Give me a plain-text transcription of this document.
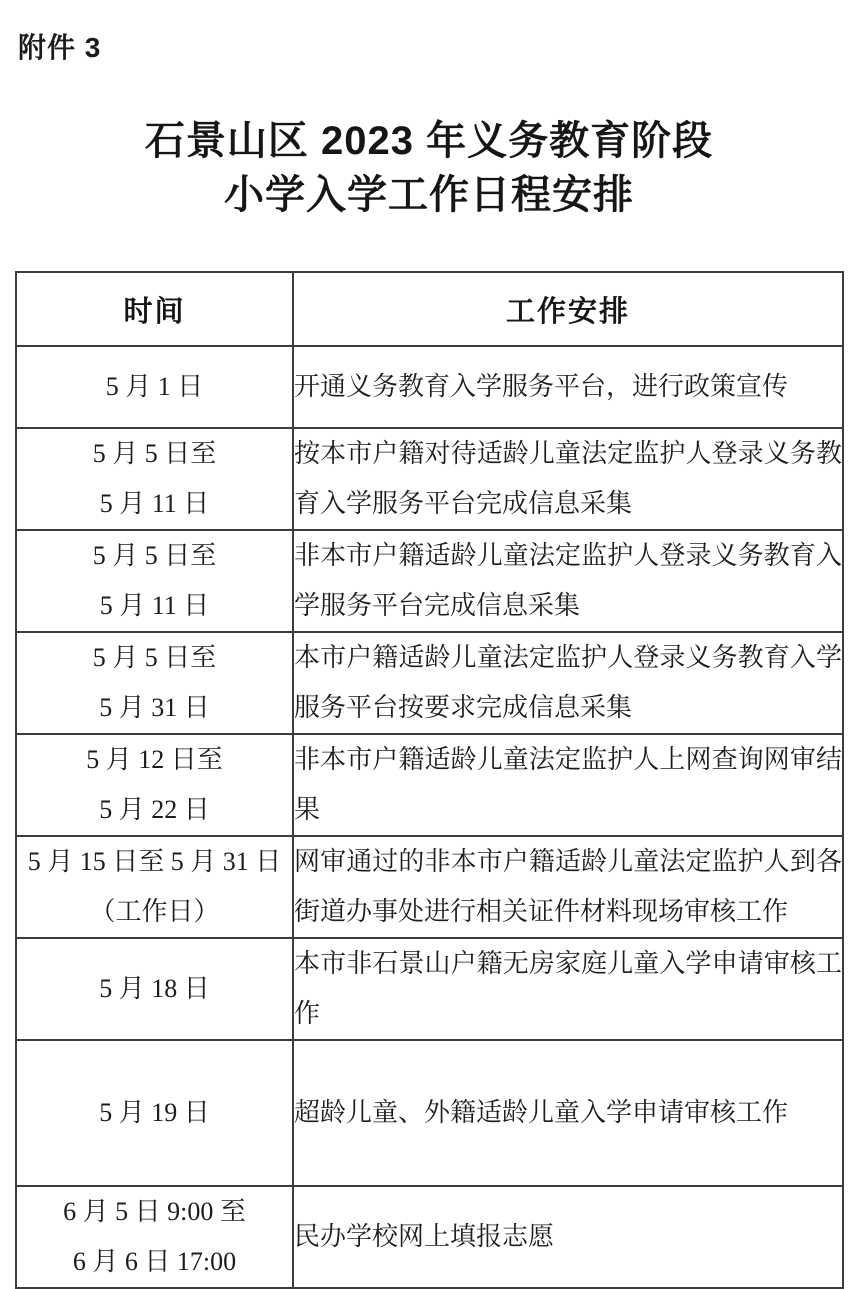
附件 3
石景山区 2023 年义务教育阶段
小学入学工作日程安排
时间	工作安排

5 月 1 日	开通义务教育入学服务平台，进行政策宣传

5 月 5 日至
5 月 11 日	按本市户籍对待适龄儿童法定监护人登录义务教育入学服务平台完成信息采集

5 月 5 日至
5 月 11 日	非本市户籍适龄儿童法定监护人登录义务教育入学服务平台完成信息采集

5 月 5 日至
5 月 31 日	本市户籍适龄儿童法定监护人登录义务教育入学服务平台按要求完成信息采集

5 月 12 日至
5 月 22 日	非本市户籍适龄儿童法定监护人上网查询网审结果

5 月 15 日至 5 月 31 日
（工作日）	网审通过的非本市户籍适龄儿童法定监护人到各街道办事处进行相关证件材料现场审核工作

5 月 18 日	本市非石景山户籍无房家庭儿童入学申请审核工作

5 月 19 日	超龄儿童、外籍适龄儿童入学申请审核工作

6 月 5 日 9:00 至
6 月 6 日 17:00	民办学校网上填报志愿
